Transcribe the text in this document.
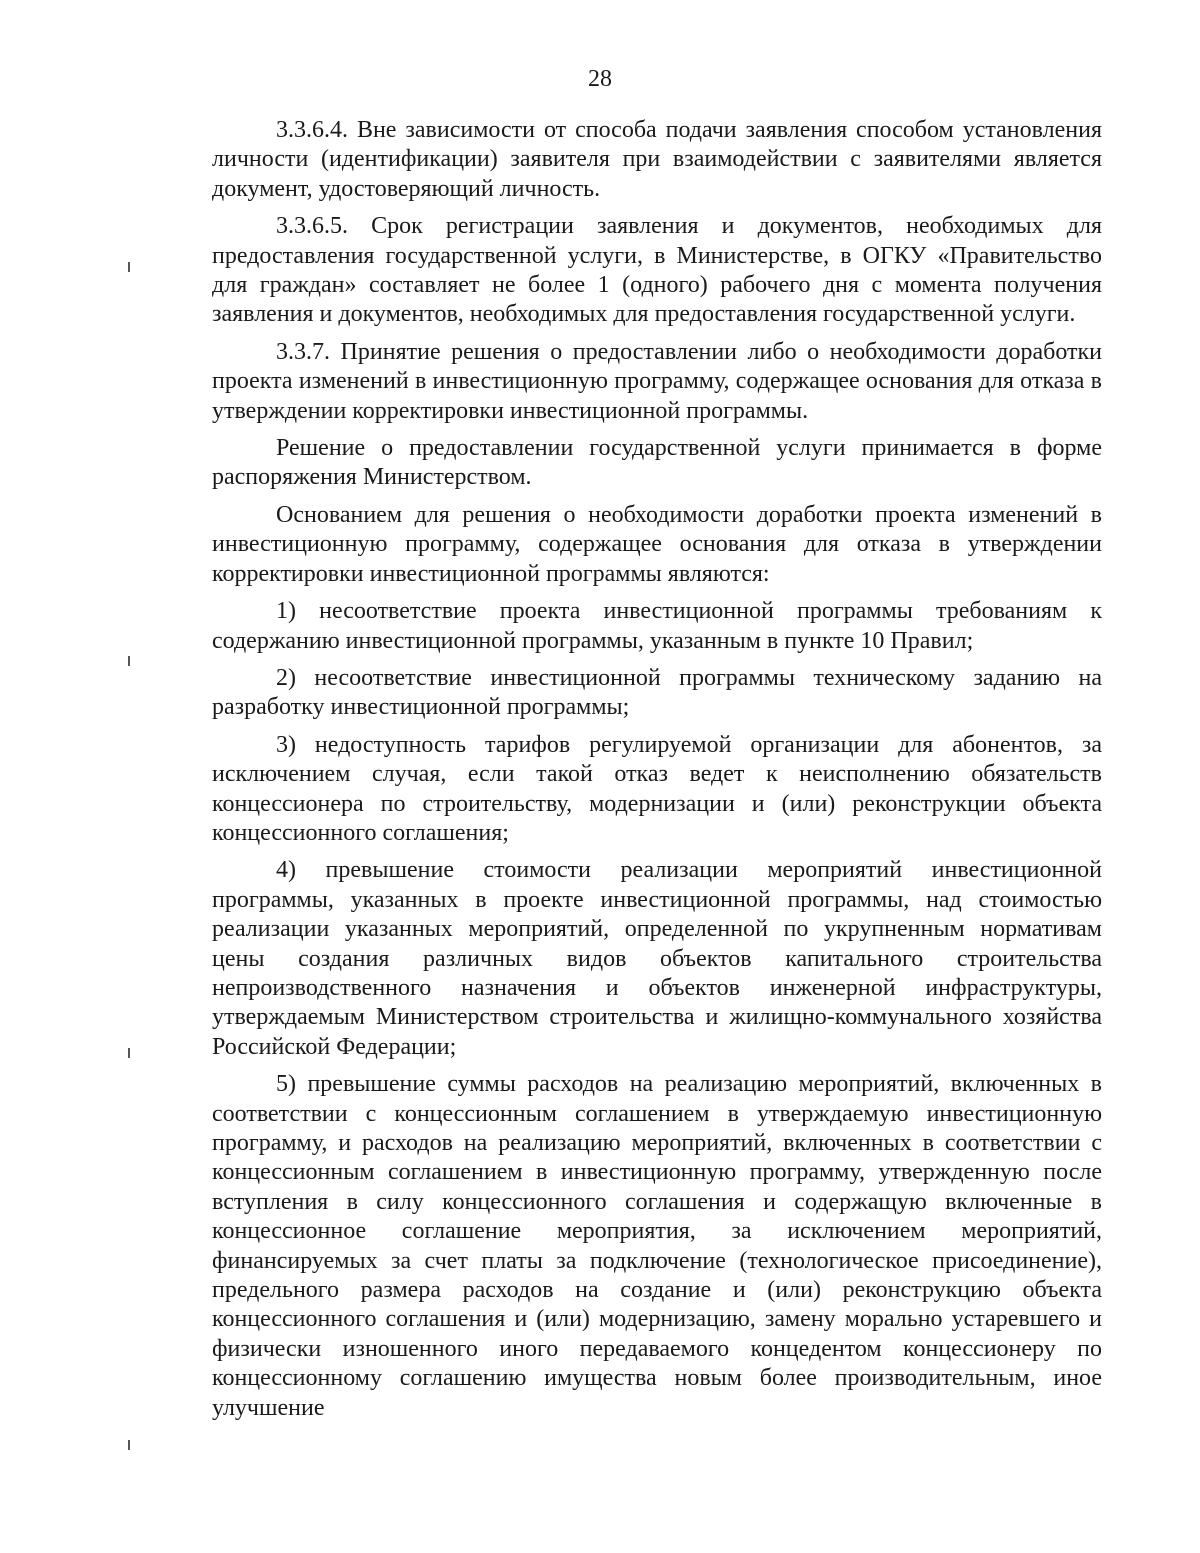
28

3.3.6.4. Вне зависимости от способа подачи заявления способом установления личности (идентификации) заявителя при взаимодействии с заявителями является документ, удостоверяющий личность.

3.3.6.5. Срок регистрации заявления и документов, необходимых для предоставления государственной услуги, в Министерстве, в ОГКУ «Правительство для граждан» составляет не более 1 (одного) рабочего дня с момента получения заявления и документов, необходимых для предоставления государственной услуги.

3.3.7. Принятие решения о предоставлении либо о необходимости доработки проекта изменений в инвестиционную программу, содержащее основания для отказа в утверждении корректировки инвестиционной программы.

Решение о предоставлении государственной услуги принимается в форме распоряжения Министерством.

Основанием для решения о необходимости доработки проекта изменений в инвестиционную программу, содержащее основания для отказа в утверждении корректировки инвестиционной программы являются:

1) несоответствие проекта инвестиционной программы требованиям к содержанию инвестиционной программы, указанным в пункте 10 Правил;

2) несоответствие инвестиционной программы техническому заданию на разработку инвестиционной программы;

3) недоступность тарифов регулируемой организации для абонентов, за исключением случая, если такой отказ ведет к неисполнению обязательств концессионера по строительству, модернизации и (или) реконструкции объекта концессионного соглашения;

4) превышение стоимости реализации мероприятий инвестиционной программы, указанных в проекте инвестиционной программы, над стоимостью реализации указанных мероприятий, определенной по укрупненным нормативам цены создания различных видов объектов капитального строительства непроизводственного назначения и объектов инженерной инфраструктуры, утверждаемым Министерством строительства и жилищно-коммунального хозяйства Российской Федерации;

5) превышение суммы расходов на реализацию мероприятий, включенных в соответствии с концессионным соглашением в утверждаемую инвестиционную программу, и расходов на реализацию мероприятий, включенных в соответствии с концессионным соглашением в инвестиционную программу, утвержденную после вступления в силу концессионного соглашения и содержащую включенные в концессионное соглашение мероприятия, за исключением мероприятий, финансируемых за счет платы за подключение (технологическое присоединение), предельного размера расходов на создание и (или) реконструкцию объекта концессионного соглашения и (или) модернизацию, замену морально устаревшего и физически изношенного иного передаваемого концедентом концессионеру по концессионному соглашению имущества новым более производительным, иное улучшение
